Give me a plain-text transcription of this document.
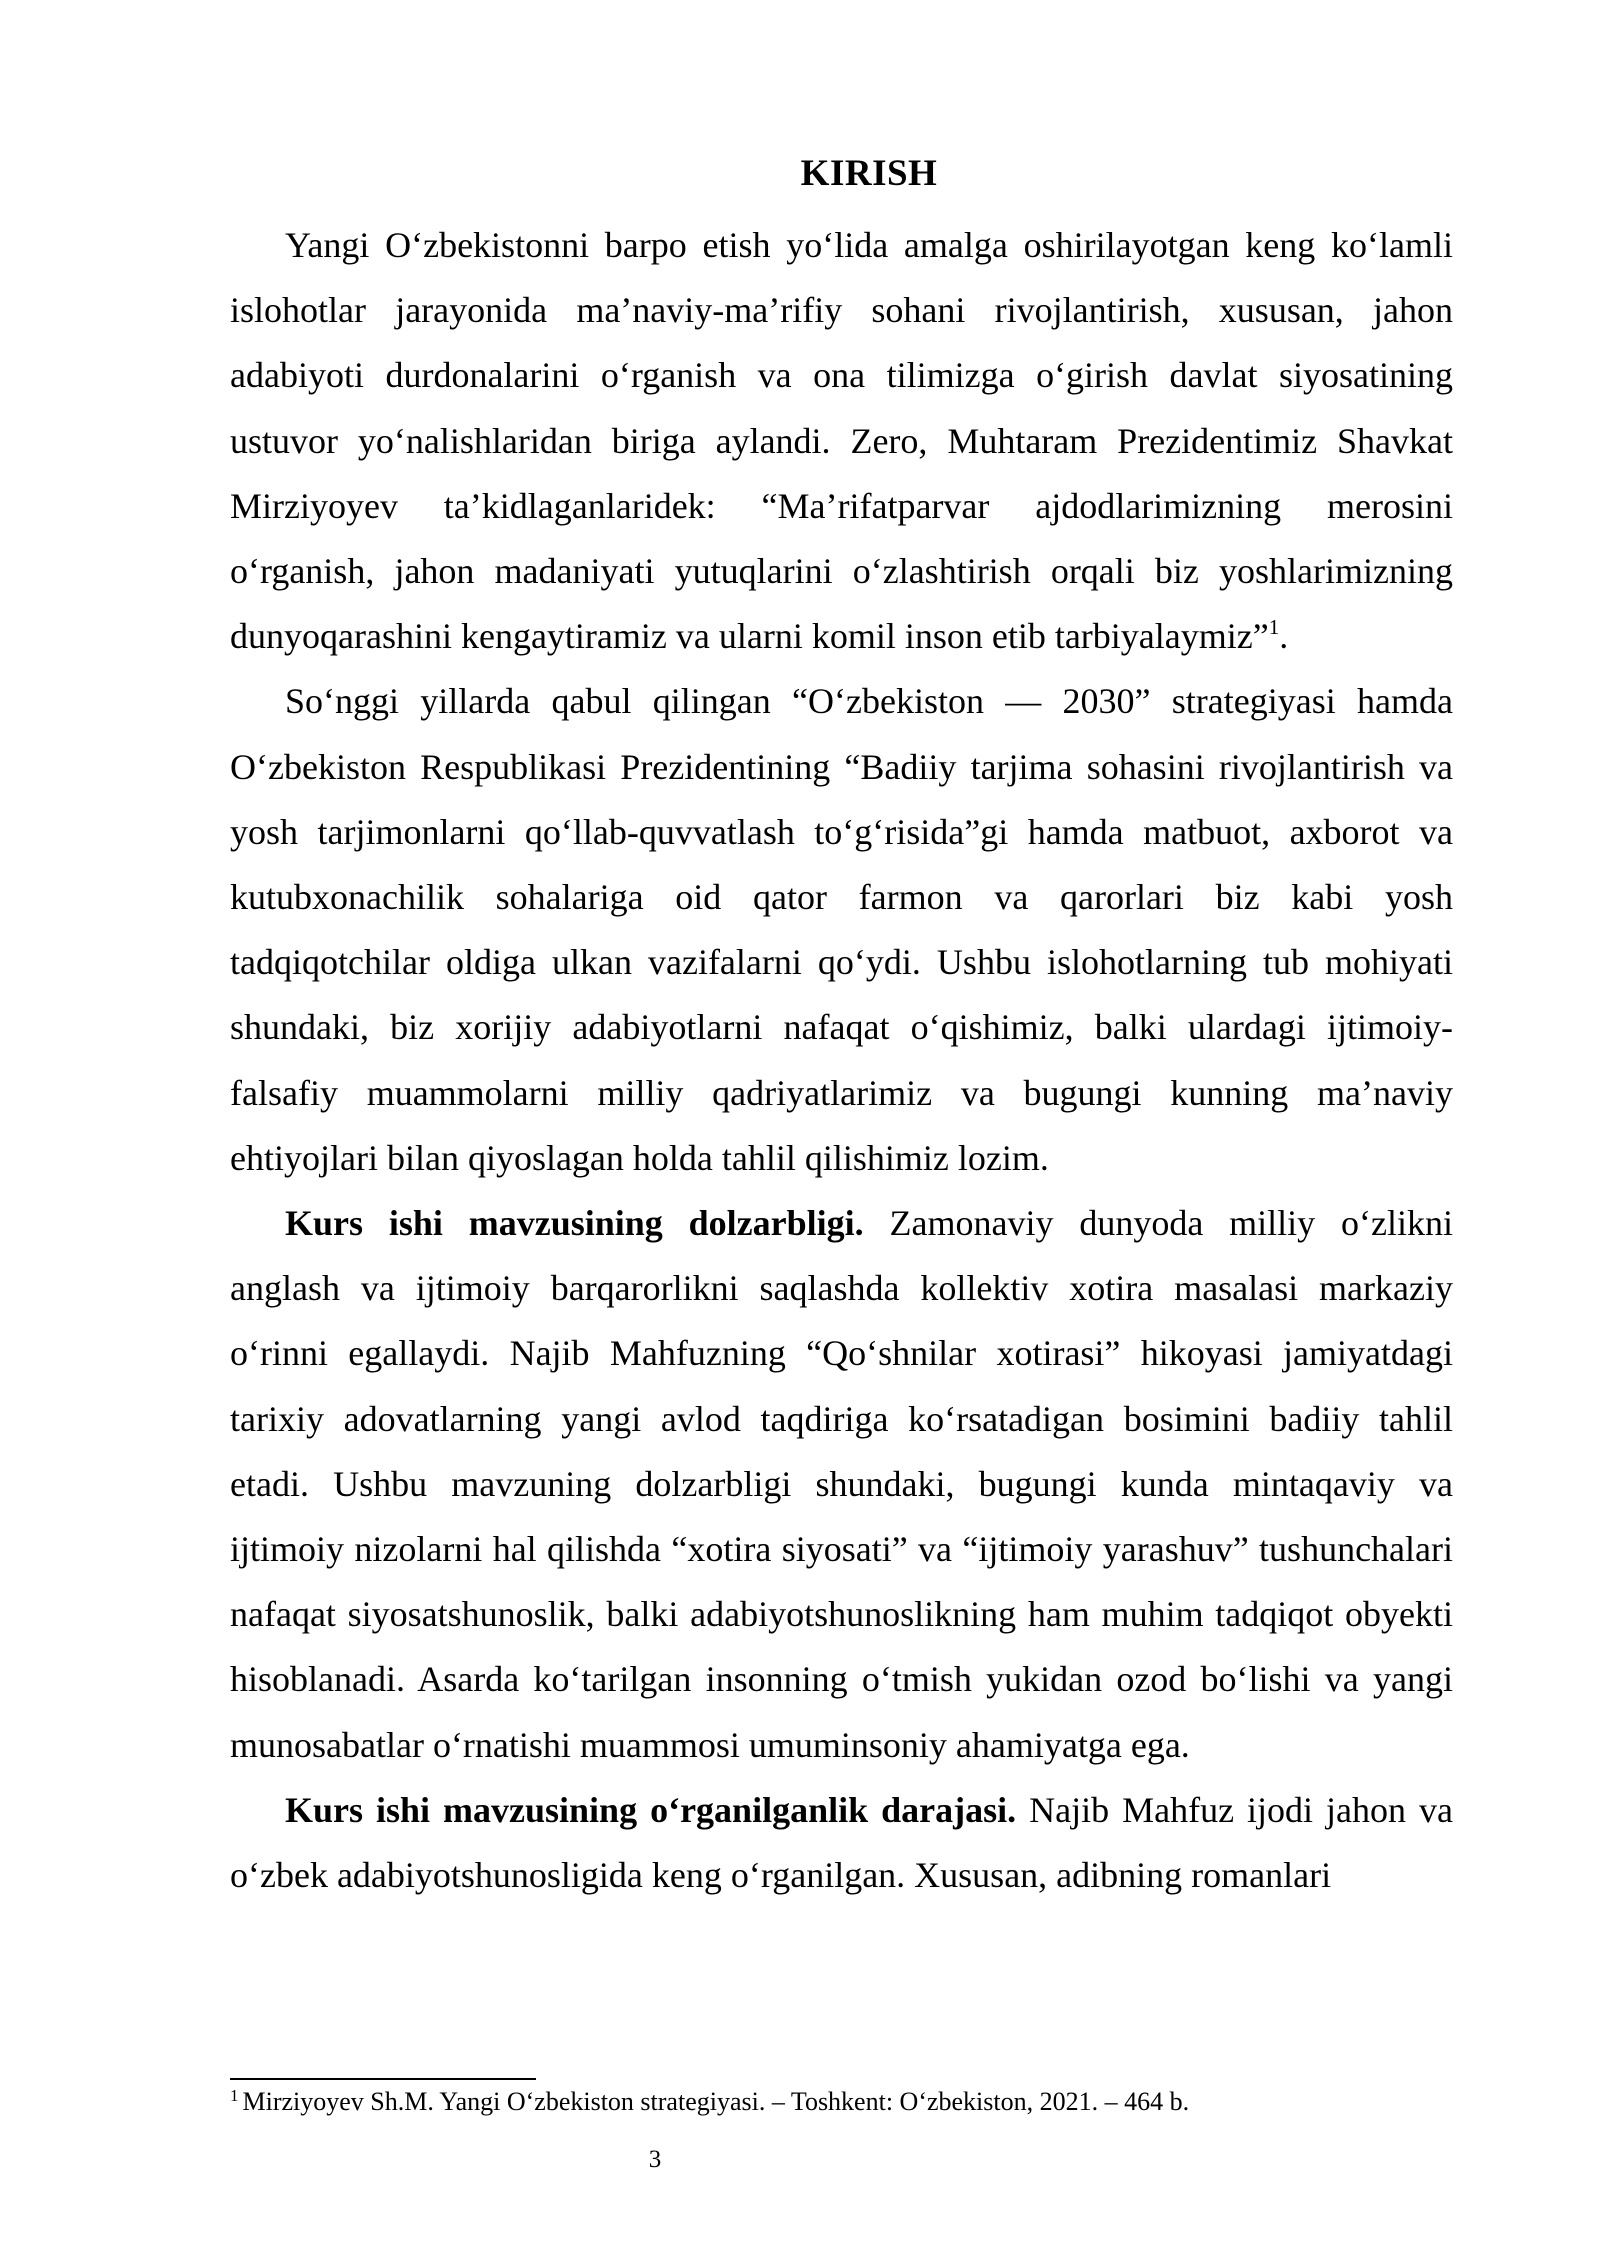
KIRISH

Yangi O‘zbekistonni barpo etish yo‘lida amalga oshirilayotgan keng ko‘lamli islohotlar jarayonida ma’naviy-ma’rifiy sohani rivojlantirish, xususan, jahon adabiyoti durdonalarini o‘rganish va ona tilimizga o‘girish davlat siyosatining ustuvor yo‘nalishlaridan biriga aylandi. Zero, Muhtaram Prezidentimiz Shavkat Mirziyoyev ta’kidlaganlaridek: “Ma’rifatparvar ajdodlarimizning merosini o‘rganish, jahon madaniyati yutuqlarini o‘zlashtirish orqali biz yoshlarimizning dunyoqarashini kengaytiramiz va ularni komil inson etib tarbiyalaymiz”$^1$.

So‘nggi yillarda qabul qilingan “O‘zbekiston — 2030” strategiyasi hamda O‘zbekiston Respublikasi Prezidentining “Badiiy tarjima sohasini rivojlantirish va yosh tarjimonlarni qo‘llab-quvvatlash to‘g‘risida”gi hamda matbuot, axborot va kutubxonachilik sohalariga oid qator farmon va qarorlari biz kabi yosh tadqiqotchilar oldiga ulkan vazifalarni qo‘ydi. Ushbu islohotlarning tub mohiyati shundaki, biz xorijiy adabiyotlarni nafaqat o‘qishimiz, balki ulardagi ijtimoiy-falsafiy muammolarni milliy qadriyatlarimiz va bugungi kunning ma’naviy ehtiyojlari bilan qiyoslagan holda tahlil qilishimiz lozim.

Kurs ishi mavzusining dolzarbligi. Zamonaviy dunyoda milliy o‘zlikni anglash va ijtimoiy barqarorlikni saqlashda kollektiv xotira masalasi markaziy o‘rinni egallaydi. Najib Mahfuzning “Qo‘shnilar xotirasi” hikoyasi jamiyatdagi tarixiy adovatlarning yangi avlod taqdiriga ko‘rsatadigan bosimini badiiy tahlil etadi. Ushbu mavzuning dolzarbligi shundaki, bugungi kunda mintaqaviy va ijtimoiy nizolarni hal qilishda “xotira siyosati” va “ijtimoiy yarashuv” tushunchalari nafaqat siyosatshunoslik, balki adabiyotshunoslikning ham muhim tadqiqot obyekti hisoblanadi. Asarda ko‘tarilgan insonning o‘tmish yukidan ozod bo‘lishi va yangi munosabatlar o‘rnatishi muammosi umuminsoniy ahamiyatga ega.

Kurs ishi mavzusining o‘rganilganlik darajasi. Najib Mahfuz ijodi jahon va o‘zbek adabiyotshunosligida keng o‘rganilgan. Xususan, adibning romanlari

$^1$ Mirziyoyev Sh.M. Yangi O‘zbekiston strategiyasi. – Toshkent: O‘zbekiston, 2021. – 464 b.

3
